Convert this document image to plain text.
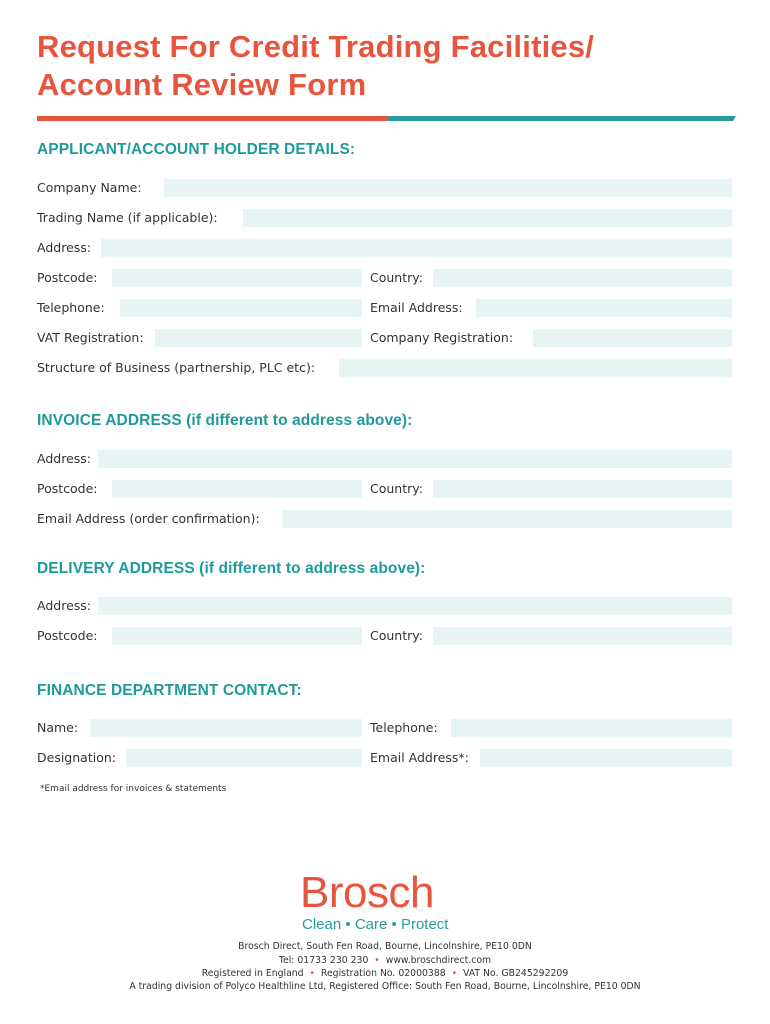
Request For Credit Trading Facilities/
Account Review Form
APPLICANT/ACCOUNT HOLDER DETAILS:
Company Name:
Trading Name (if applicable):
Address:
Postcode:	Country:
Telephone:	Email Address:
VAT Registration:	Company Registration:
Structure of Business (partnership, PLC etc):
INVOICE ADDRESS (if different to address above):
Address:
Postcode:	Country:
Email Address (order confirmation):
DELIVERY ADDRESS (if different to address above):
Address:
Postcode:	Country:
FINANCE DEPARTMENT CONTACT:
Name:	Telephone:
Designation:	Email Address*:
*Email address for invoices & statements
Brosch
Clean • Care • Protect
Brosch Direct, South Fen Road, Bourne, Lincolnshire, PE10 0DN
Tel: 01733 230 230  •  www.broschdirect.com
Registered in England  •  Registration No. 02000388  •  VAT No. GB245292209
A trading division of Polyco Healthline Ltd, Registered Office: South Fen Road, Bourne, Lincolnshire, PE10 0DN
